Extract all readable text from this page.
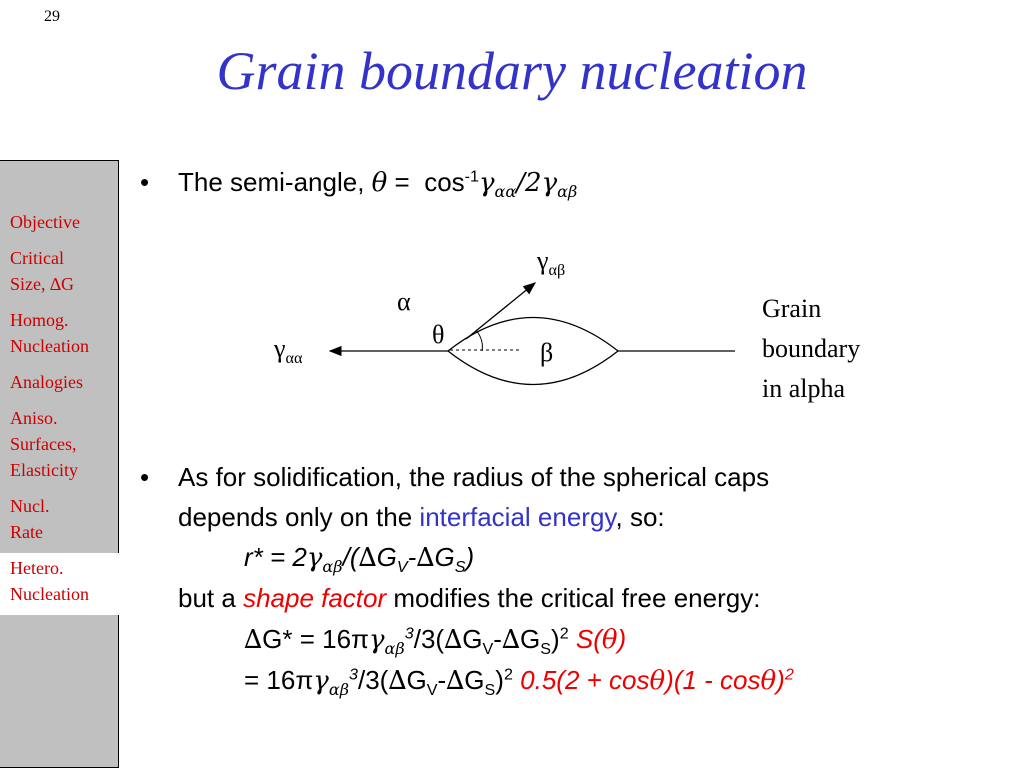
29
Grain boundary nucleation
Objective
Critical
Size, ∆G
Homog.
Nucleation
Analogies
Aniso.
Surfaces,
Elasticity
Nucl.
Rate
Hetero.
Nucleation
• The semi-angle, $\theta = \cos^{-1}\gamma_{\alpha\alpha}/2\gamma_{\alpha\beta}$
$\gamma_{\alpha\beta}$
α
θ
β
$\gamma_{\alpha\alpha}$
Grain
boundary
in alpha
• As for solidification, the radius of the spherical caps
depends only on the interfacial energy, so:
$r* = 2\gamma_{\alpha\beta}/(\Delta G_V-\Delta G_S)$
but a shape factor modifies the critical free energy:
$\Delta G* = 16\pi\gamma_{\alpha\beta}^3/3(\Delta G_V-\Delta G_S)^2$ S(θ)
= $16\pi\gamma_{\alpha\beta}^3/3(\Delta G_V-\Delta G_S)^2$ 0.5(2 + cosθ)(1 - cosθ)$^2$
